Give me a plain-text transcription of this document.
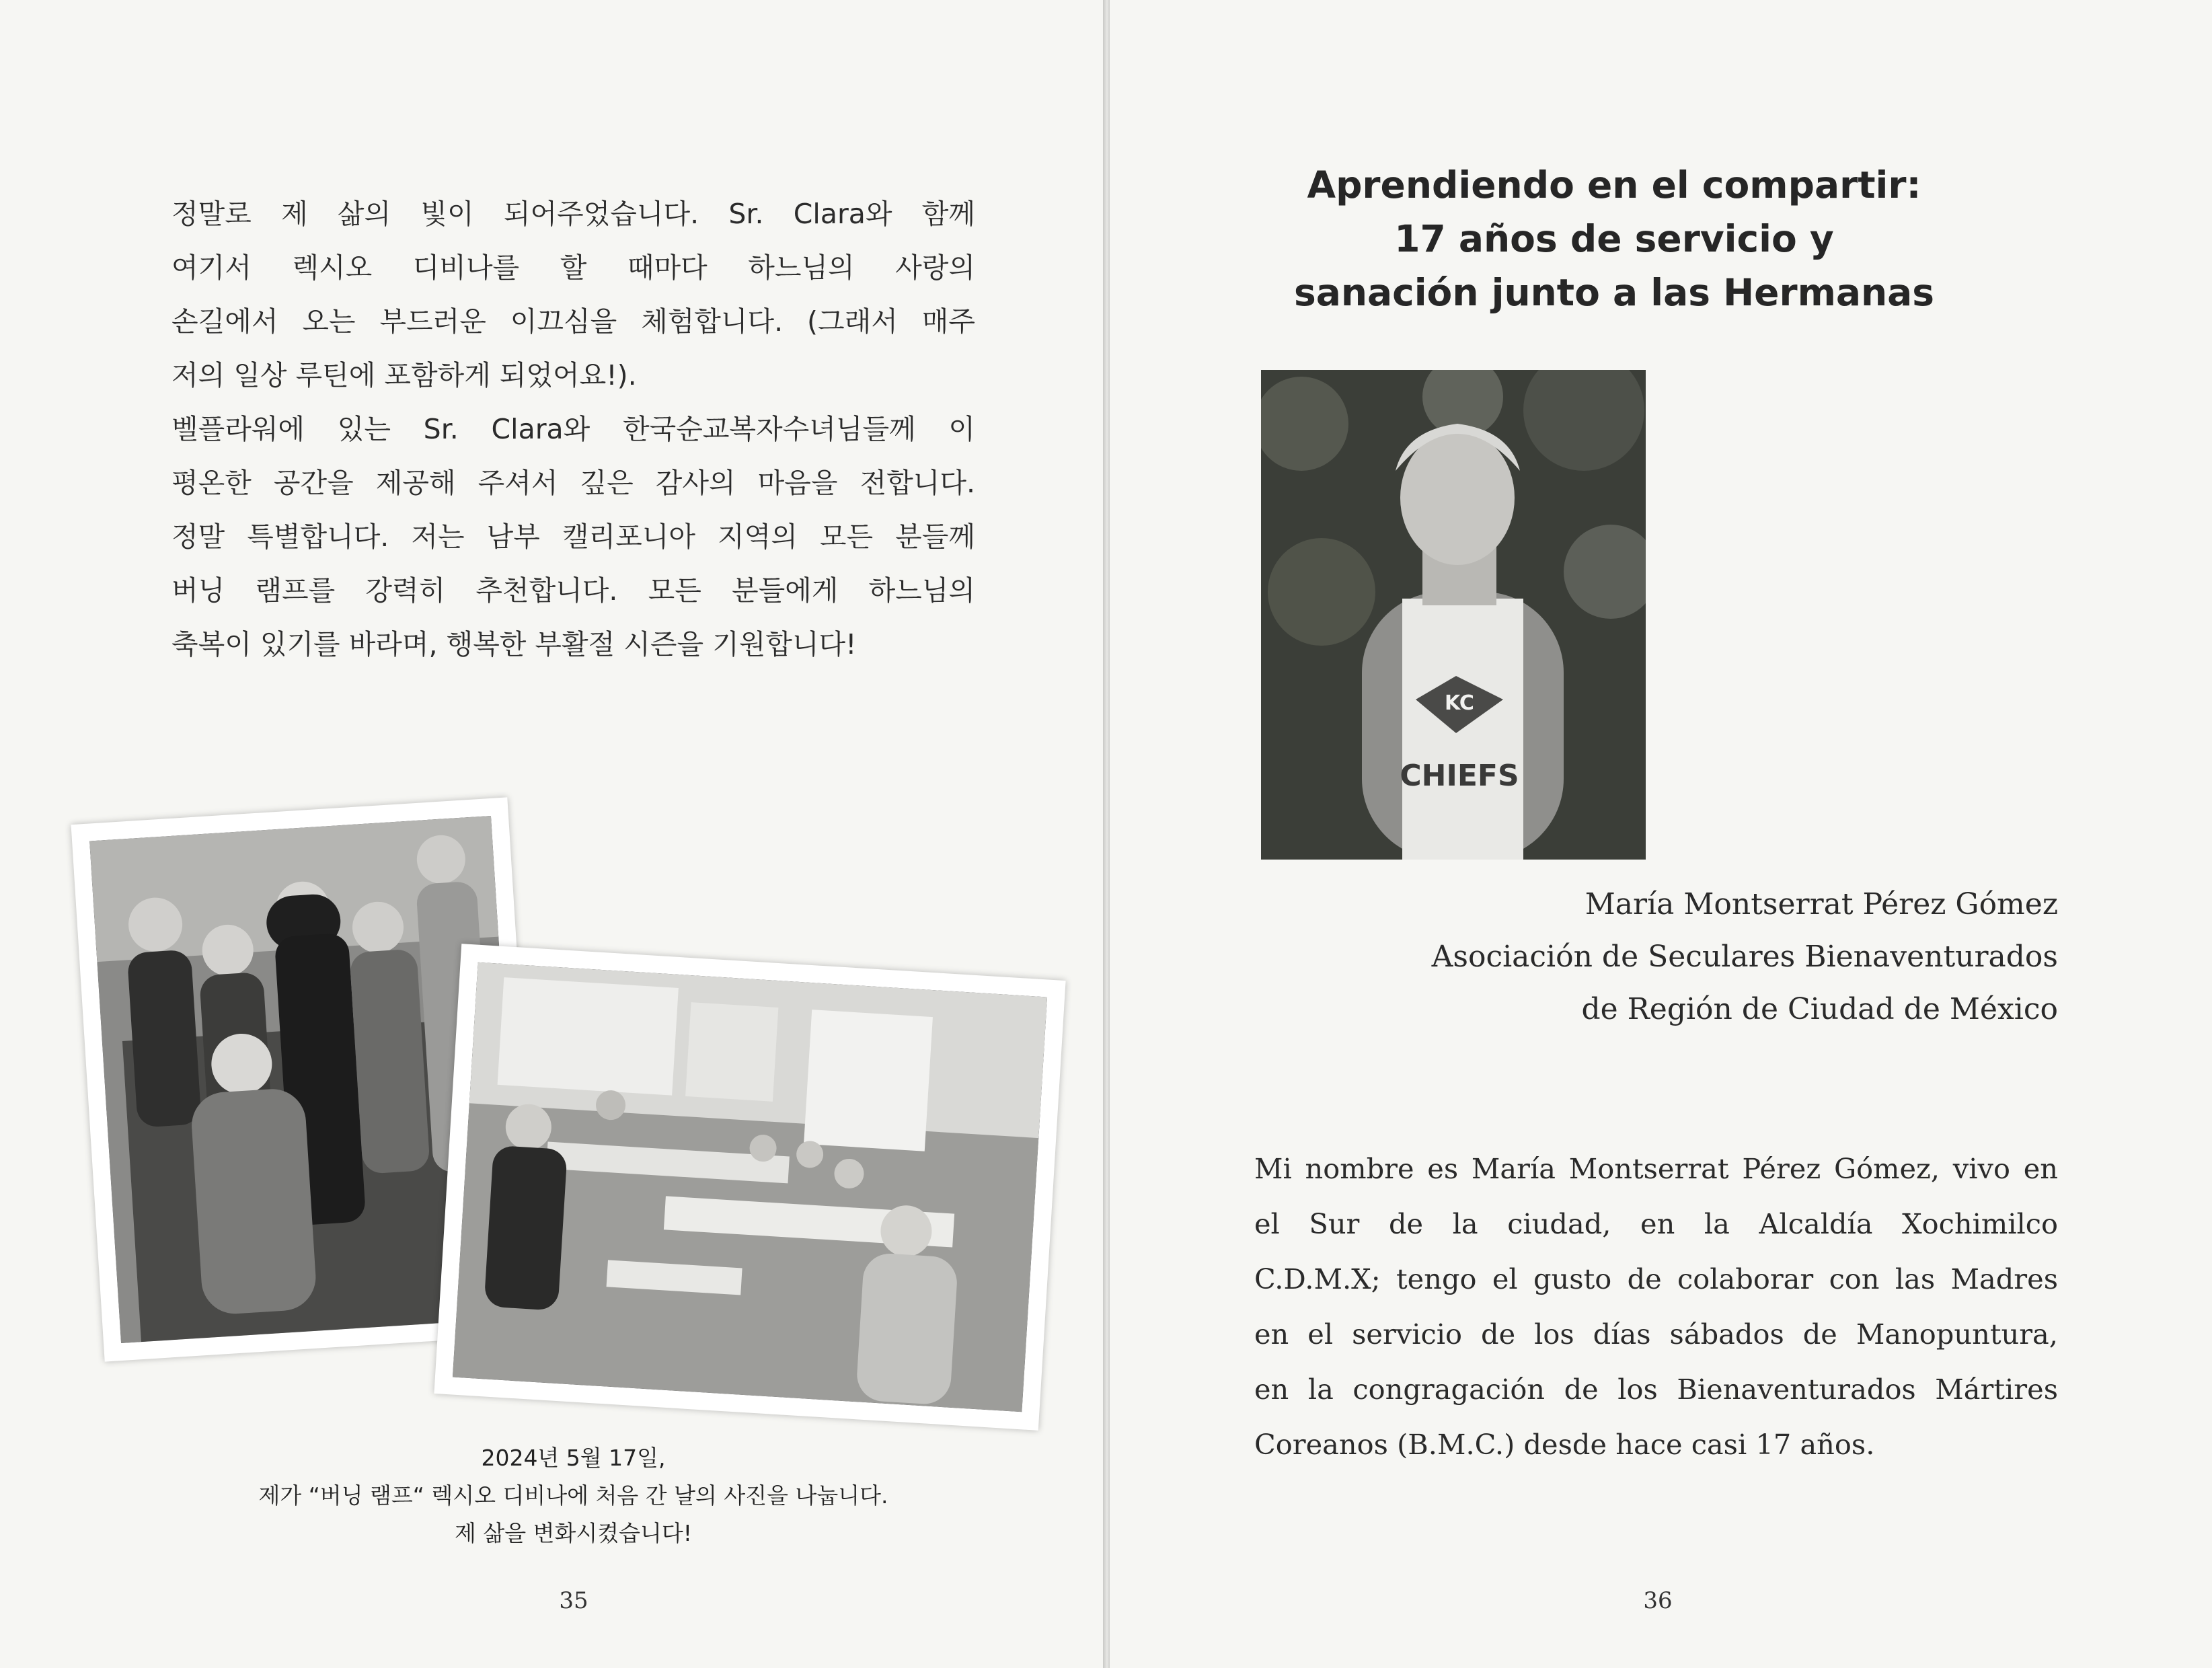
정말로 제 삶의 빛이 되어주었습니다. Sr. Clara와 함께

여기서 렉시오 디비나를 할 때마다 하느님의 사랑의

손길에서 오는 부드러운 이끄심을 체험합니다. (그래서 매주

저의 일상 루틴에 포함하게 되었어요!).

벨플라워에 있는 Sr. Clara와 한국순교복자수녀님들께 이

평온한 공간을 제공해 주셔서 깊은 감사의 마음을 전합니다.

정말 특별합니다. 저는 남부 캘리포니아 지역의 모든 분들께

버닝 램프를 강력히 추천합니다. 모든 분들에게 하느님의

축복이 있기를 바라며, 행복한 부활절 시즌을 기원합니다!

2024년 5월 17일,
제가 “버닝 램프“ 렉시오 디비나에 처음 간 날의 사진을 나눕니다.
제 삶을 변화시켰습니다!
35
Aprendiendo en el compartir:
17 años de servicio y
sanación junto a las Hermanas
KC
CHIEFS
María Montserrat Pérez Gómez
Asociación de Seculares Bienaventurados
de Región de Ciudad de México

Mi nombre es María Montserrat Pérez Gómez, vivo en

el Sur de la ciudad, en la Alcaldía Xochimilco

C.D.M.X; tengo el gusto de colaborar con las Madres

en el servicio de los días sábados de Manopuntura,

en la congragación de los Bienaventurados Mártires

Coreanos (B.M.C.) desde hace casi 17 años.

36
